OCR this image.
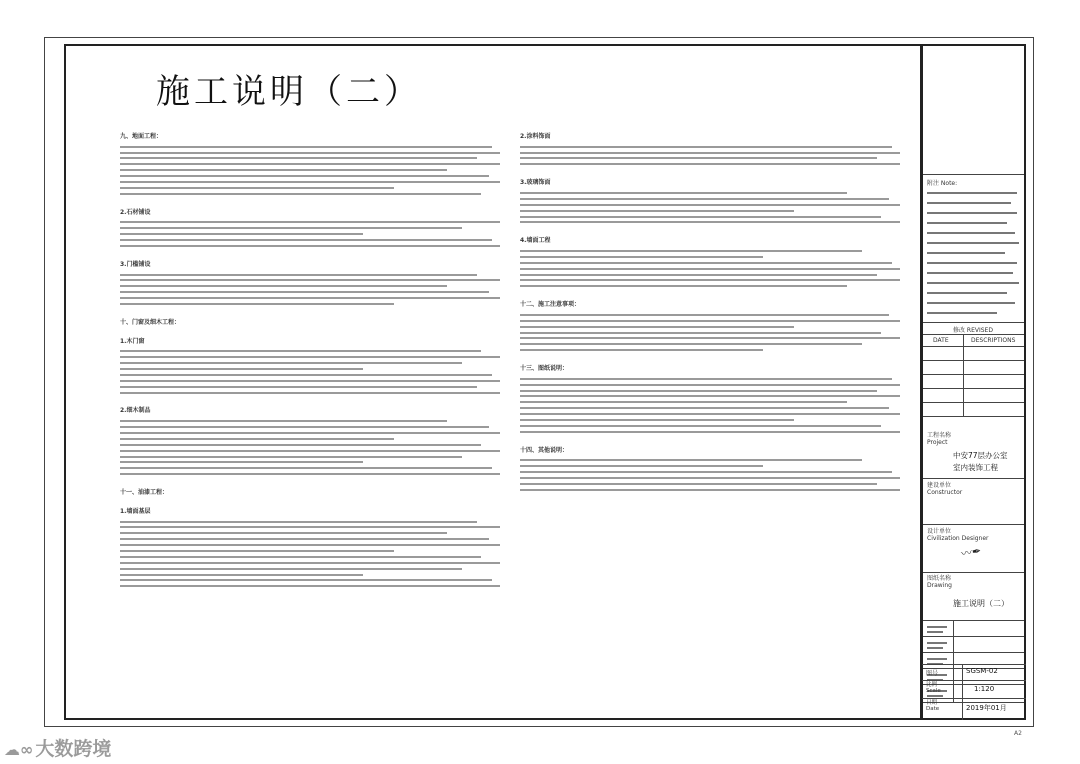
施工说明（二）
九、地面工程：
2.石材铺设
3.门槛铺设
十、门窗及细木工程：
1.木门窗
2.细木制品
十一、油漆工程：
1.墙面基层
2.涂料饰面
3.玻璃饰面
4.墙面工程
十二、施工注意事项：
十三、图纸说明：
十四、其他说明：
附注 Note:
修改 REVISED
DATE	DESCRIPTIONS
工程名称
Project
中安77层办公室
室内装饰工程
建设单位
Constructor
设计单位
Civilization Designer
〰✒
图纸名称
Drawing
施工说明（二）
图号	SGSM-02
比例
Scale	1:120
日期
Date	2019年01月
A2
☁∞ 大数跨境
